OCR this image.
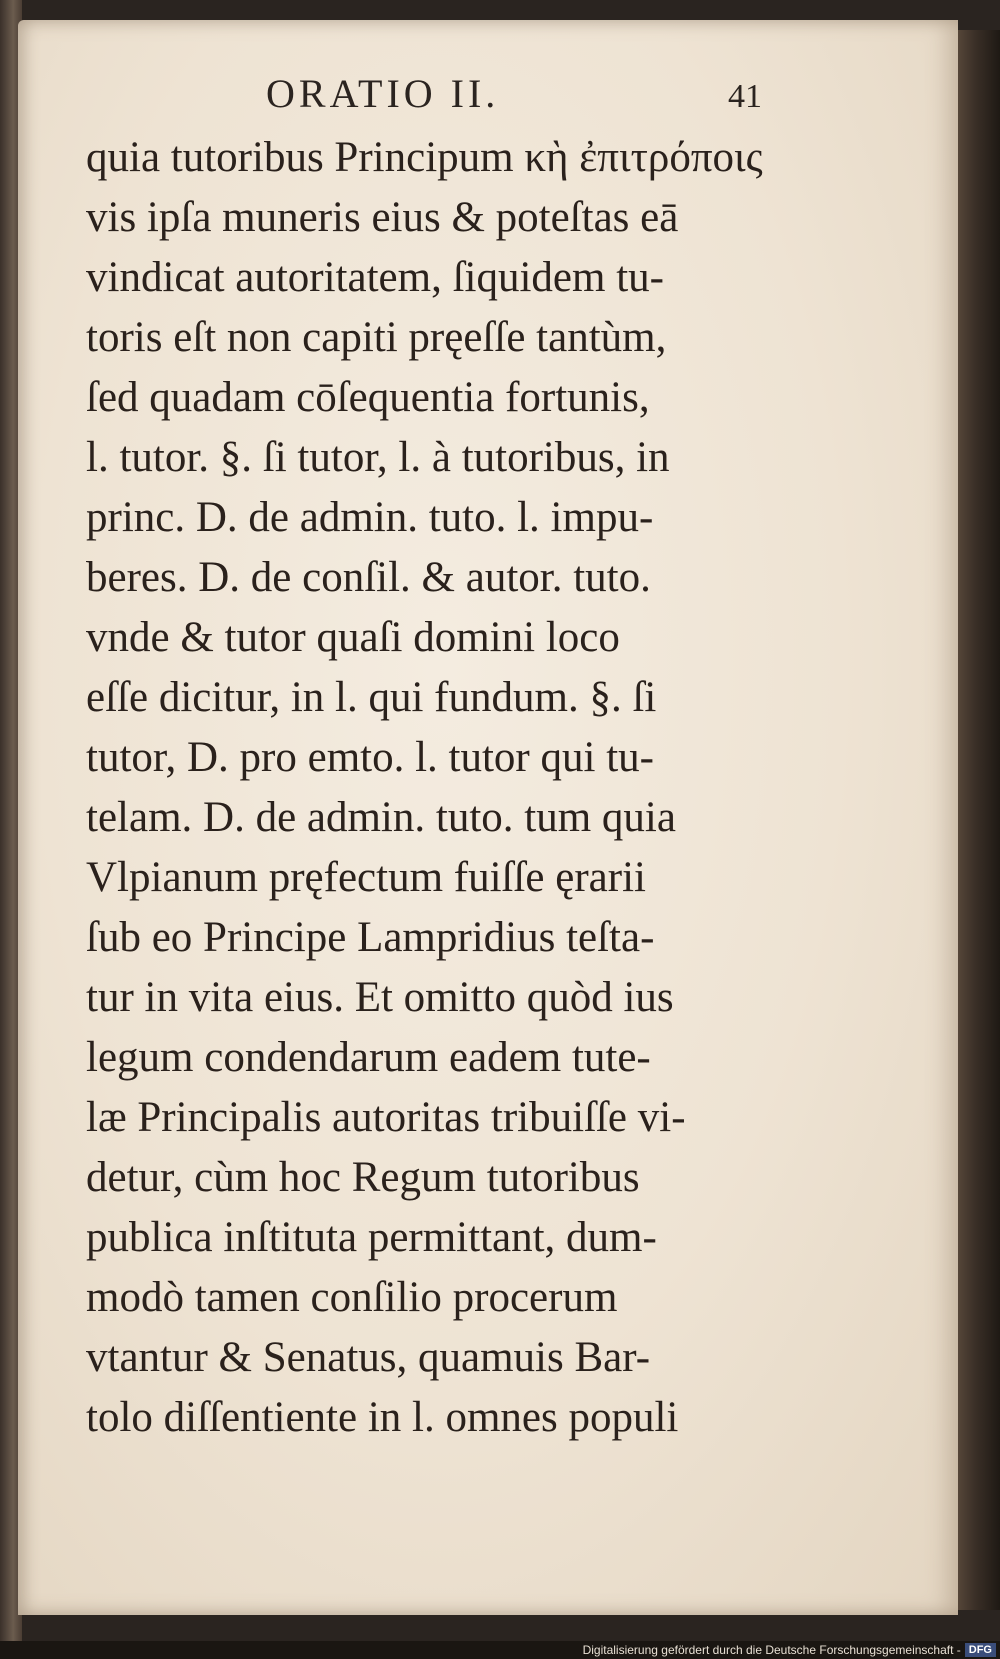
ORATIO II.	41
quia tutoribus Principum κὴ ἐπιτρόποις
vis ipſa muneris eius & poteſtas eā
vindicat autoritatem, ſiquidem tu-
toris eſt non capiti pręeſſe tantùm,
ſed quadam cōſequentia fortunis,
l. tutor. §. ſi tutor, l. à tutoribus, in
princ. D. de admin. tuto. l. impu-
beres. D. de conſil. & autor. tuto.
vnde & tutor quaſi domini loco
eſſe dicitur, in l. qui fundum. §. ſi
tutor, D. pro emto. l. tutor qui tu-
telam. D. de admin. tuto. tum quia
Vlpianum pręfectum fuiſſe ęrarii
ſub eo Principe Lampridius teſta-
tur in vita eius. Et omitto quòd ius
legum condendarum eadem tute-
læ Principalis autoritas tribuiſſe vi-
detur, cùm hoc Regum tutoribus
publica inſtituta permittant, dum-
modò tamen conſilio procerum
vtantur & Senatus, quamuis Bar-
tolo diſſentiente in l. omnes populi
Digitalisierung gefördert durch die Deutsche Forschungsgemeinschaft - DFG
